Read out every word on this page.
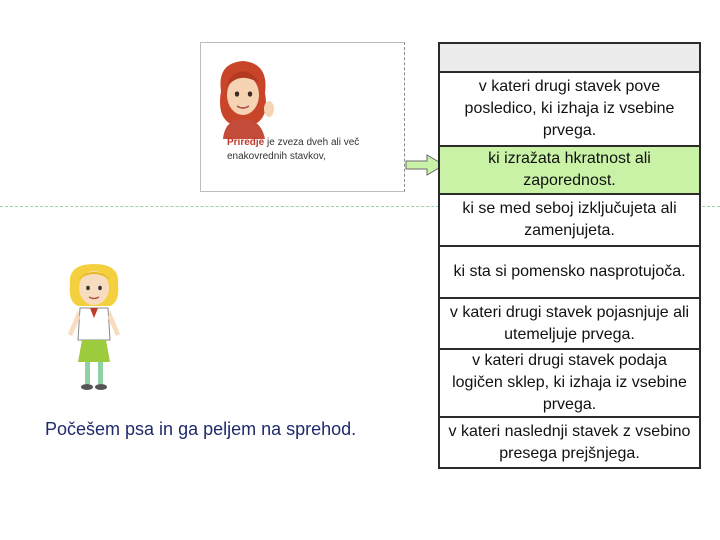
Priredje je zveza dveh ali več enakovrednih stavkov,
v kateri drugi stavek pove posledico, ki izhaja iz vsebine prvega.
ki izražata hkratnost ali zaporednost.
ki se med seboj izključujeta ali zamenjujeta.
ki sta si pomensko nasprotujoča.
v kateri drugi stavek pojasnjuje ali utemeljuje prvega.
v kateri drugi stavek podaja logičen sklep, ki izhaja iz vsebine prvega.
v kateri naslednji stavek z vsebino presega prejšnjega.
Počešem psa in ga peljem na sprehod.
